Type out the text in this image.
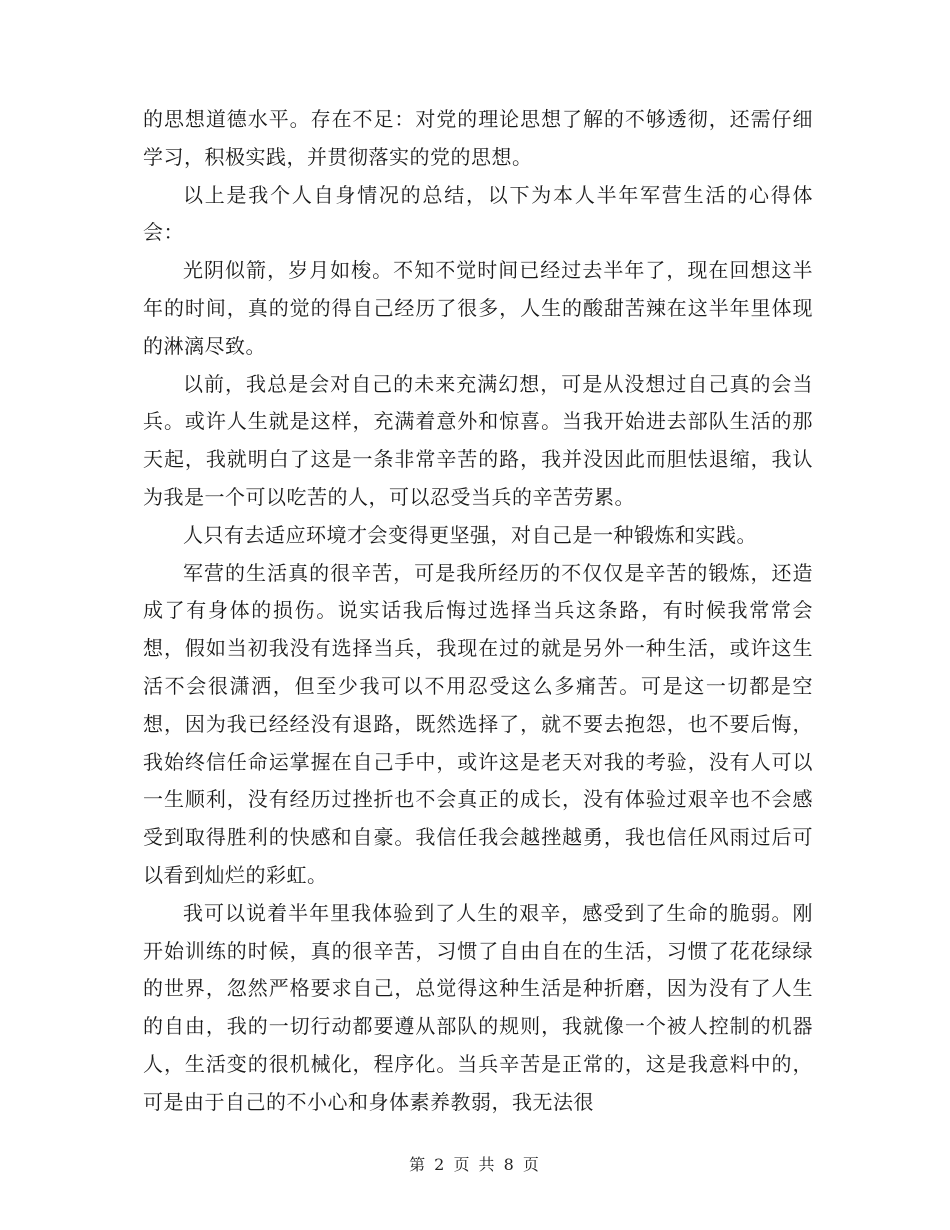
的思想道德水平。存在不足：对党的理论思想了解的不够透彻，还需仔细学习，积极实践，并贯彻落实的党的思想。

以上是我个人自身情况的总结，以下为本人半年军营生活的心得体会：

光阴似箭，岁月如梭。不知不觉时间已经过去半年了，现在回想这半年的时间，真的觉的得自己经历了很多，人生的酸甜苦辣在这半年里体现的淋漓尽致。

以前，我总是会对自己的未来充满幻想，可是从没想过自己真的会当兵。或许人生就是这样，充满着意外和惊喜。当我开始进去部队生活的那天起，我就明白了这是一条非常辛苦的路，我并没因此而胆怯退缩，我认为我是一个可以吃苦的人，可以忍受当兵的辛苦劳累。

人只有去适应环境才会变得更坚强，对自己是一种锻炼和实践。

军营的生活真的很辛苦，可是我所经历的不仅仅是辛苦的锻炼，还造成了有身体的损伤。说实话我后悔过选择当兵这条路，有时候我常常会想，假如当初我没有选择当兵，我现在过的就是另外一种生活，或许这生活不会很潇洒，但至少我可以不用忍受这么多痛苦。可是这一切都是空想，因为我已经经没有退路，既然选择了，就不要去抱怨，也不要后悔，我始终信任命运掌握在自己手中，或许这是老天对我的考验，没有人可以一生顺利，没有经历过挫折也不会真正的成长，没有体验过艰辛也不会感受到取得胜利的快感和自豪。我信任我会越挫越勇，我也信任风雨过后可以看到灿烂的彩虹。

我可以说着半年里我体验到了人生的艰辛，感受到了生命的脆弱。刚开始训练的时候，真的很辛苦，习惯了自由自在的生活，习惯了花花绿绿的世界，忽然严格要求自己，总觉得这种生活是种折磨，因为没有了人生的自由，我的一切行动都要遵从部队的规则，我就像一个被人控制的机器人，生活变的很机械化，程序化。当兵辛苦是正常的，这是我意料中的，可是由于自己的不小心和身体素养教弱，我无法很

第 2 页 共 8 页
